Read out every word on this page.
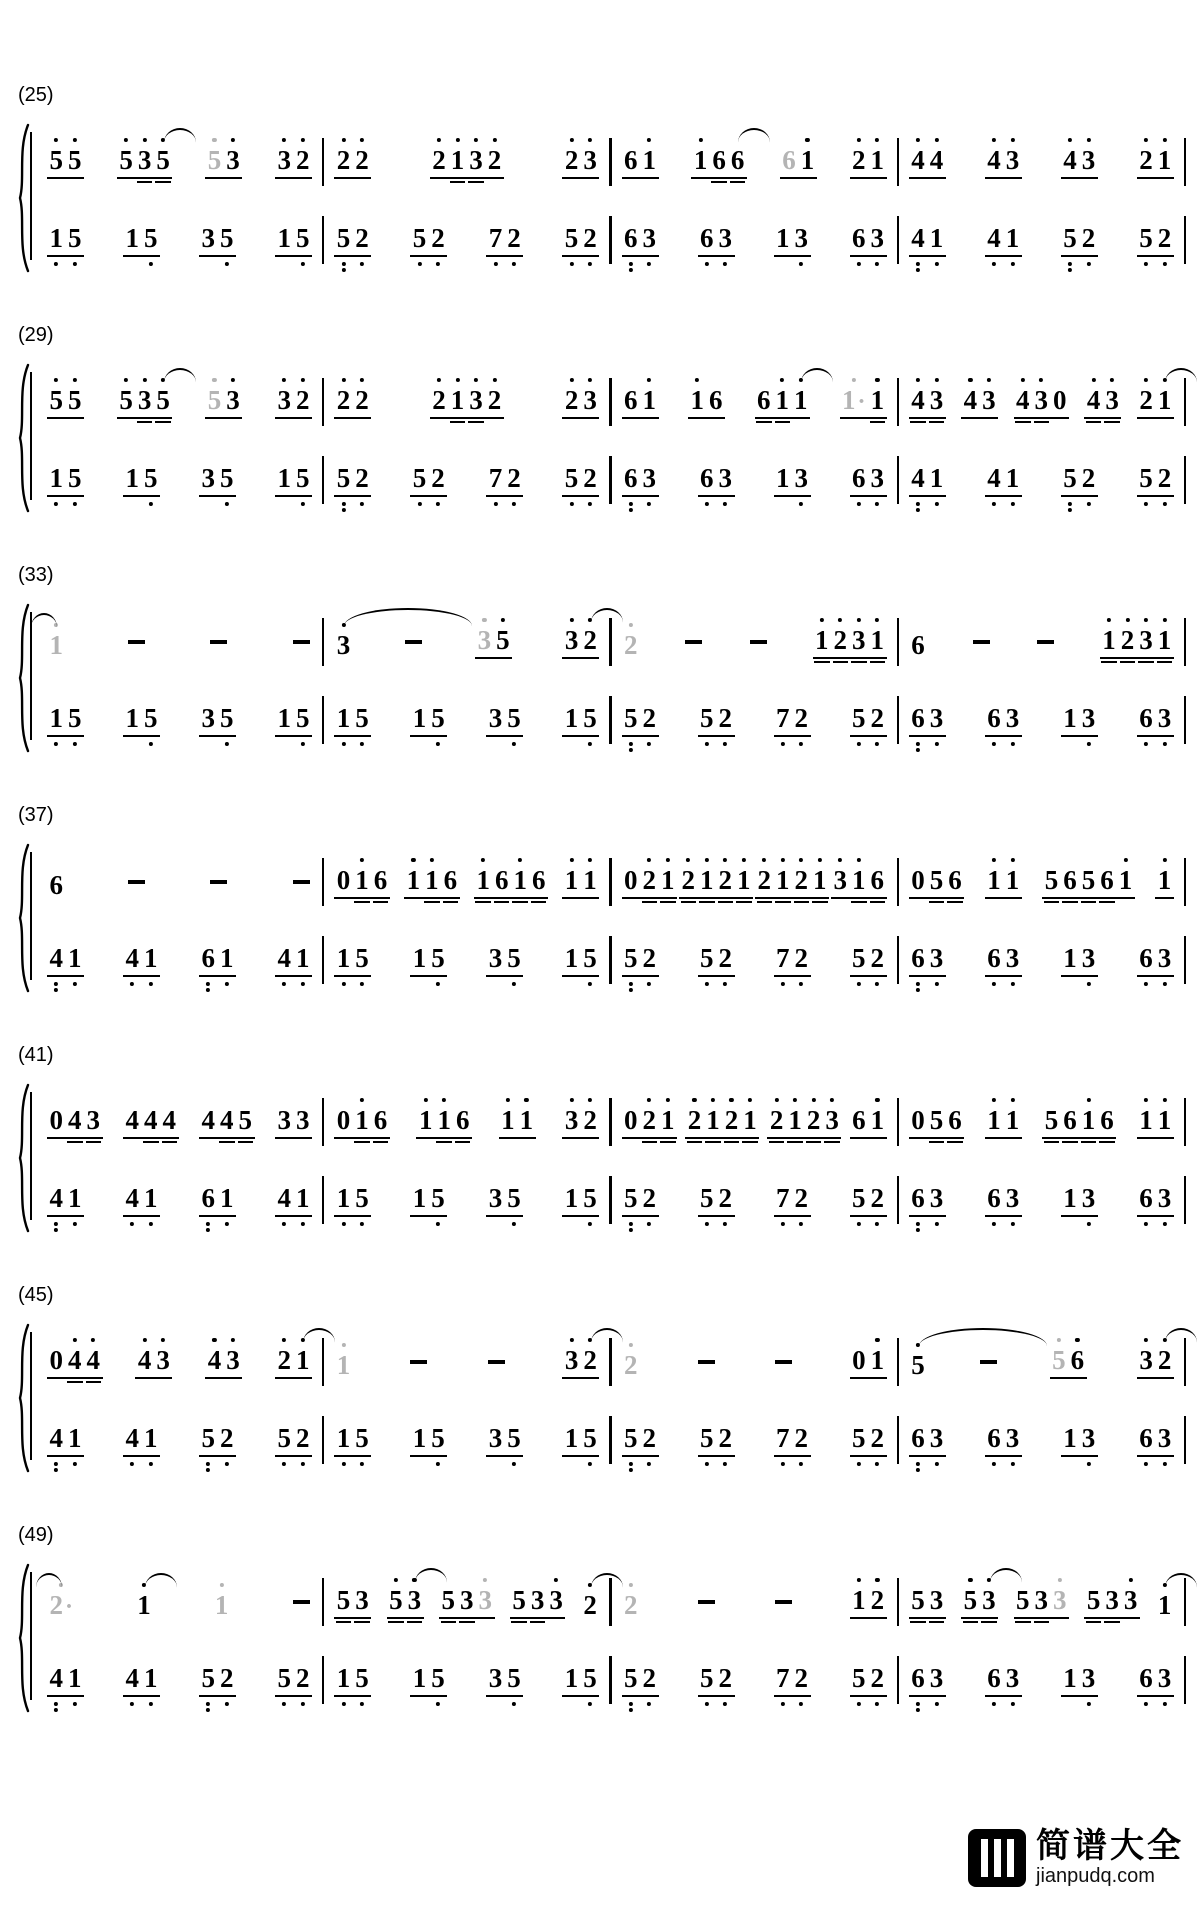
(25)
5 5 5 3 5 5 3 3 2 2 2 2 1 3 2 2 3 6 1 1 6 6 6 1 2 1 4 4 4 3 4 3 2 1
1 5 1 5 3 5 1 5 5 2 5 2 7 2 5 2 6 3 6 3 1 3 6 3 4 1 4 1 5 2 5 2
(29)
5 5 5 3 5 5 3 3 2 2 2 2 1 3 2 2 3 6 1 1 6 6 1 1 1· 1 4 3 4 3 4 3 0 4 3 2 1
1 5 1 5 3 5 1 5 5 2 5 2 7 2 5 2 6 3 6 3 1 3 6 3 4 1 4 1 5 2 5 2
(33)
1	3	3 5 3 2 2	1 2 3 1 6	1 2 3 1
1 5 1 5 3 5 1 5 1 5 1 5 3 5 1 5 5 2 5 2 7 2 5 2 6 3 6 3 1 3 6 3
(37)
6	0 1 6 1 1 6 1 6 1 6 1 1 0 2 1 2 1 2 1 2 1 2 1 3 1 6 0 5 6 1 1 5 6 5 6 1 1
4 1 4 1 6 1 4 1 1 5 1 5 3 5 1 5 5 2 5 2 7 2 5 2 6 3 6 3 1 3 6 3
(41)
0 4 3 4 4 4 4 4 5 3 3 0 1 6 1 1 6 1 1 3 2 0 2 1 2 1 2 1 2 1 2 3 6 1 0 5 6 1 1 5 6 1 6 1 1
4 1 4 1 6 1 4 1 1 5 1 5 3 5 1 5 5 2 5 2 7 2 5 2 6 3 6 3 1 3 6 3
(45)
0 4 4 4 3 4 3 2 1 1	3 2 2	0 1 5	5 6 3 2
4 1 4 1 5 2 5 2 1 5 1 5 3 5 1 5 5 2 5 2 7 2 5 2 6 3 6 3 1 3 6 3
(49)
2· 1 1	5 3 5 3 5 3 3 5 3 3 2 2	1 2 5 3 5 3 5 3 3 5 3 3 1
4 1 4 1 5 2 5 2 1 5 1 5 3 5 1 5 5 2 5 2 7 2 5 2 6 3 6 3 1 3 6 3
简谱大全
jianpudq.com
